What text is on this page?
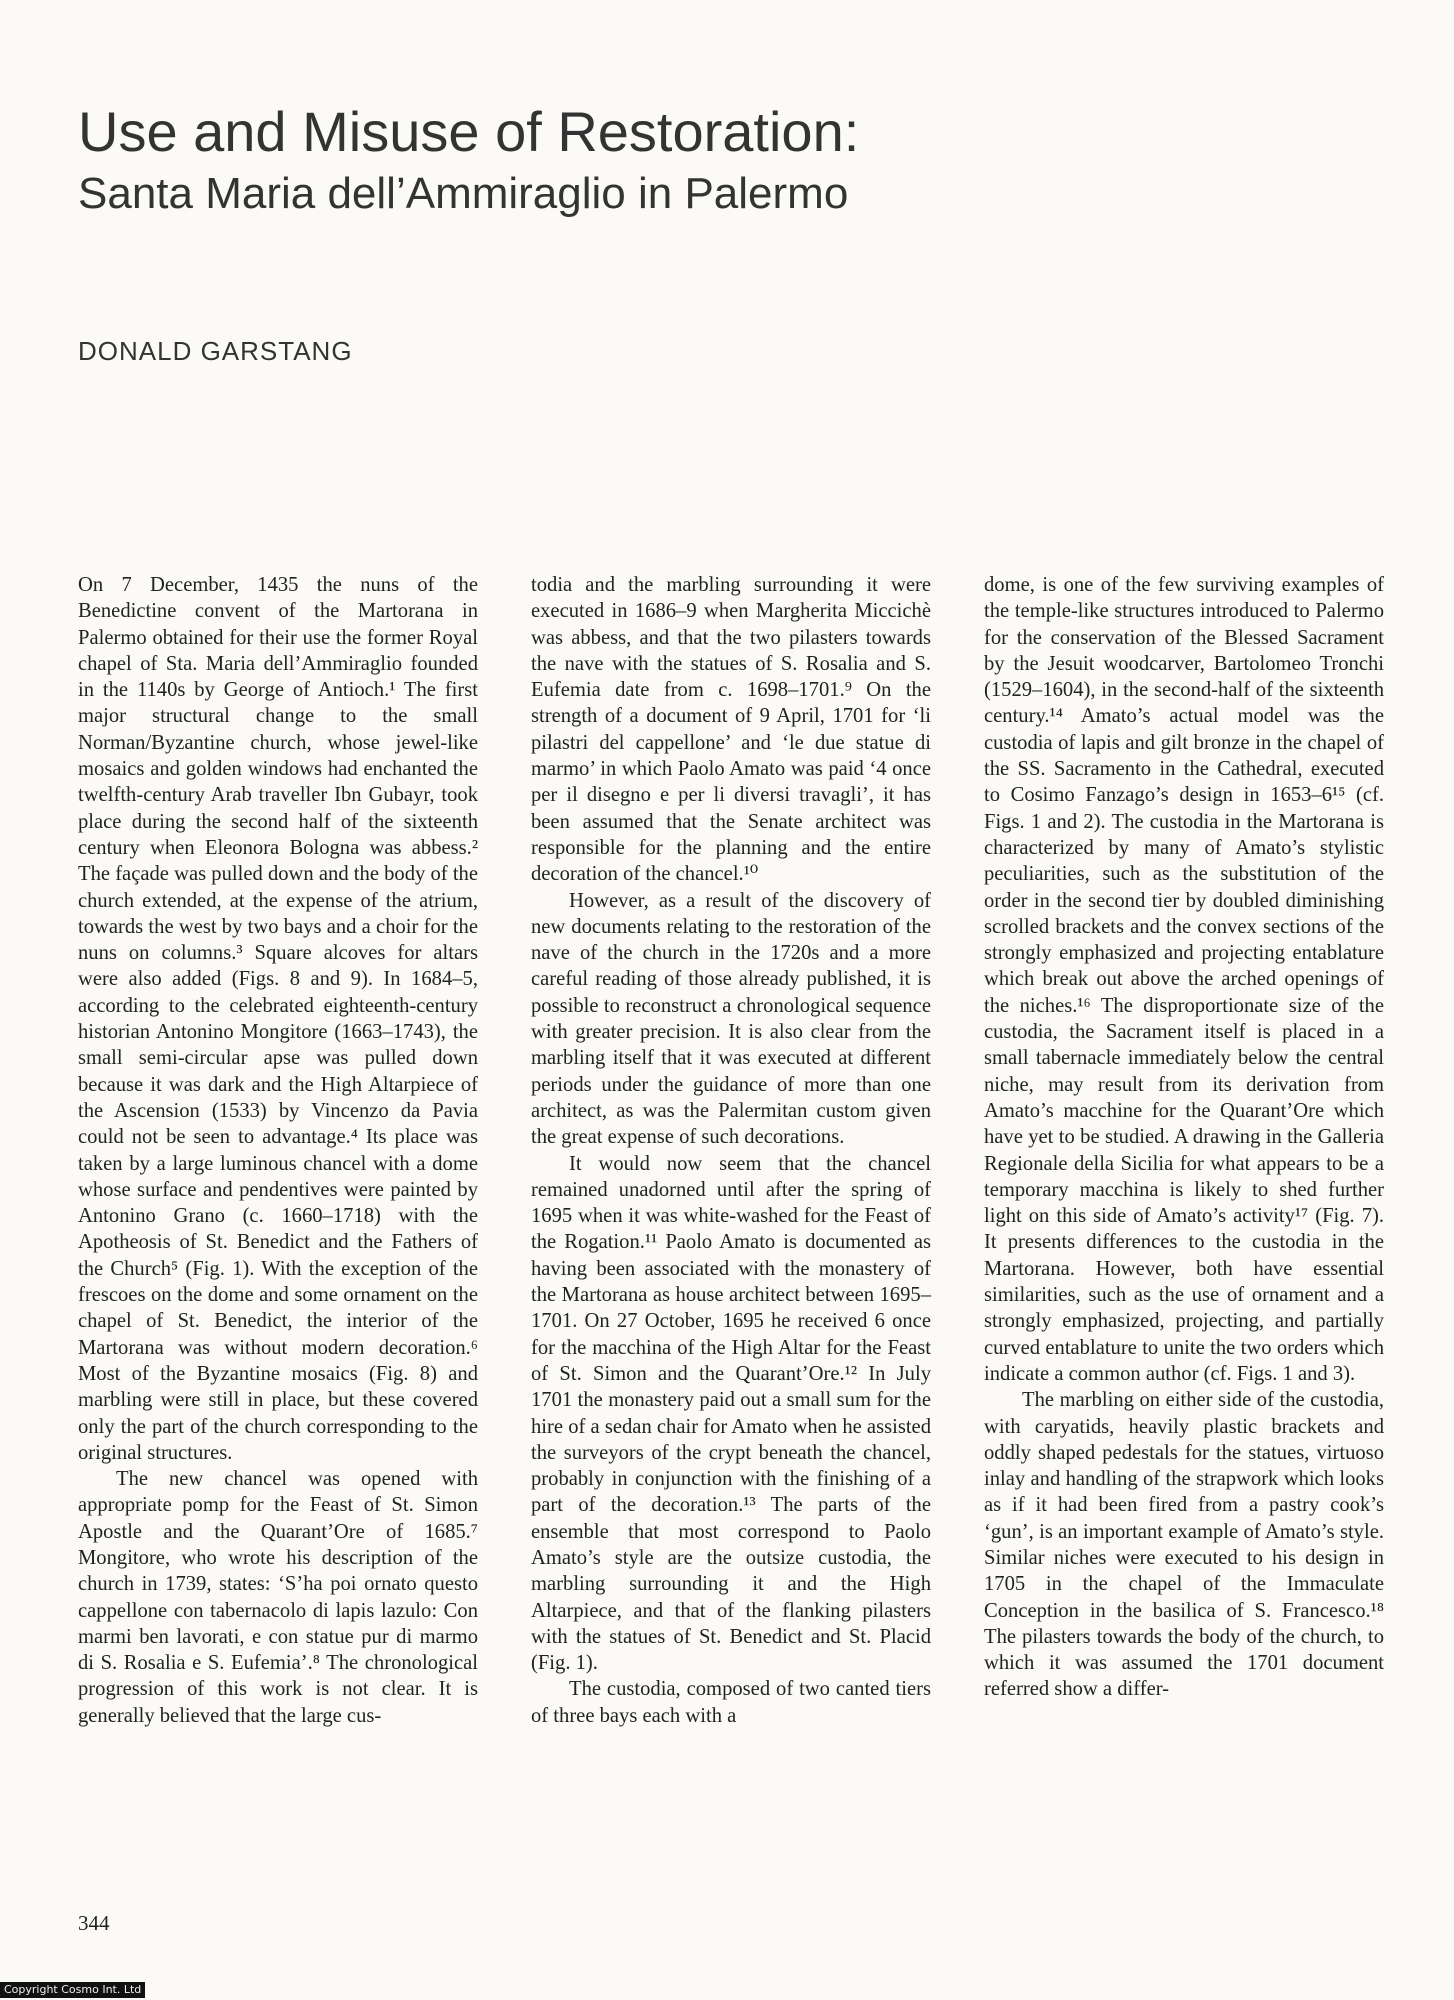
Use and Misuse of Restoration:
Santa Maria dell’Ammiraglio in Palermo
DONALD GARSTANG

On 7 December, 1435 the nuns of the Benedictine convent of the Martorana in Palermo obtained for their use the former Royal chapel of Sta. Maria dell’Ammiraglio founded in the 1140s by George of Antioch.¹ The first major structural change to the small Norman/Byzantine church, whose jewel-like mosaics and golden windows had enchanted the twelfth-century Arab traveller Ibn Gubayr, took place during the second half of the sixteenth century when Eleonora Bologna was abbess.² The façade was pulled down and the body of the church extended, at the expense of the atrium, towards the west by two bays and a choir for the nuns on columns.³ Square alcoves for altars were also added (Figs. 8 and 9). In 1684–5, according to the celebrated eighteenth-century historian Antonino Mongitore (1663–1743), the small semi-circular apse was pulled down because it was dark and the High Altarpiece of the Ascension (1533) by Vincenzo da Pavia could not be seen to advantage.⁴ Its place was taken by a large luminous chancel with a dome whose surface and pendentives were painted by Antonino Grano (c. 1660–1718) with the Apotheosis of St. Benedict and the Fathers of the Church⁵ (Fig. 1). With the exception of the frescoes on the dome and some ornament on the chapel of St. Benedict, the interior of the Martorana was without modern decoration.⁶ Most of the Byzantine mosaics (Fig. 8) and marbling were still in place, but these covered only the part of the church corresponding to the original structures.

The new chancel was opened with appropriate pomp for the Feast of St. Simon Apostle and the Quarant’Ore of 1685.⁷ Mongitore, who wrote his description of the church in 1739, states: ‘S’ha poi ornato questo cappellone con tabernacolo di lapis lazulo: Con marmi ben lavorati, e con statue pur di marmo di S. Rosalia e S. Eufemia’.⁸ The chronological progression of this work is not clear. It is generally believed that the large cus-

todia and the marbling surrounding it were executed in 1686–9 when Margherita Miccichè was abbess, and that the two pilasters towards the nave with the statues of S. Rosalia and S. Eufemia date from c. 1698–1701.⁹ On the strength of a document of 9 April, 1701 for ‘li pilastri del cappellone’ and ‘le due statue di marmo’ in which Paolo Amato was paid ‘4 once per il disegno e per li diversi travagli’, it has been assumed that the Senate architect was responsible for the planning and the entire decoration of the chancel.¹⁰

However, as a result of the discovery of new documents relating to the restoration of the nave of the church in the 1720s and a more careful reading of those already published, it is possible to reconstruct a chronological sequence with greater precision. It is also clear from the marbling itself that it was executed at different periods under the guidance of more than one architect, as was the Palermitan custom given the great expense of such decorations.

It would now seem that the chancel remained unadorned until after the spring of 1695 when it was white-washed for the Feast of the Rogation.¹¹ Paolo Amato is documented as having been associated with the monastery of the Martorana as house architect between 1695–1701. On 27 October, 1695 he received 6 once for the macchina of the High Altar for the Feast of St. Simon and the Quarant’Ore.¹² In July 1701 the monastery paid out a small sum for the hire of a sedan chair for Amato when he assisted the surveyors of the crypt beneath the chancel, probably in conjunction with the finishing of a part of the decoration.¹³ The parts of the ensemble that most correspond to Paolo Amato’s style are the outsize custodia, the marbling surrounding it and the High Altarpiece, and that of the flanking pilasters with the statues of St. Benedict and St. Placid (Fig. 1).

The custodia, composed of two canted tiers of three bays each with a

dome, is one of the few surviving examples of the temple-like structures introduced to Palermo for the conservation of the Blessed Sacrament by the Jesuit woodcarver, Bartolomeo Tronchi (1529–1604), in the second-half of the sixteenth century.¹⁴ Amato’s actual model was the custodia of lapis and gilt bronze in the chapel of the SS. Sacramento in the Cathedral, executed to Cosimo Fanzago’s design in 1653–6¹⁵ (cf. Figs. 1 and 2). The custodia in the Martorana is characterized by many of Amato’s stylistic peculiarities, such as the substitution of the order in the second tier by doubled diminishing scrolled brackets and the convex sections of the strongly emphasized and projecting entablature which break out above the arched openings of the niches.¹⁶ The disproportionate size of the custodia, the Sacrament itself is placed in a small tabernacle immediately below the central niche, may result from its derivation from Amato’s macchine for the Quarant’Ore which have yet to be studied. A drawing in the Galleria Regionale della Sicilia for what appears to be a temporary macchina is likely to shed further light on this side of Amato’s activity¹⁷ (Fig. 7). It presents differences to the custodia in the Martorana. However, both have essential similarities, such as the use of ornament and a strongly emphasized, projecting, and partially curved entablature to unite the two orders which indicate a common author (cf. Figs. 1 and 3).

The marbling on either side of the custodia, with caryatids, heavily plastic brackets and oddly shaped pedestals for the statues, virtuoso inlay and handling of the strapwork which looks as if it had been fired from a pastry cook’s ‘gun’, is an important example of Amato’s style. Similar niches were executed to his design in 1705 in the chapel of the Immaculate Conception in the basilica of S. Francesco.¹⁸ The pilasters towards the body of the church, to which it was assumed the 1701 document referred show a differ-

344
Copyright Cosmo Int. Ltd
